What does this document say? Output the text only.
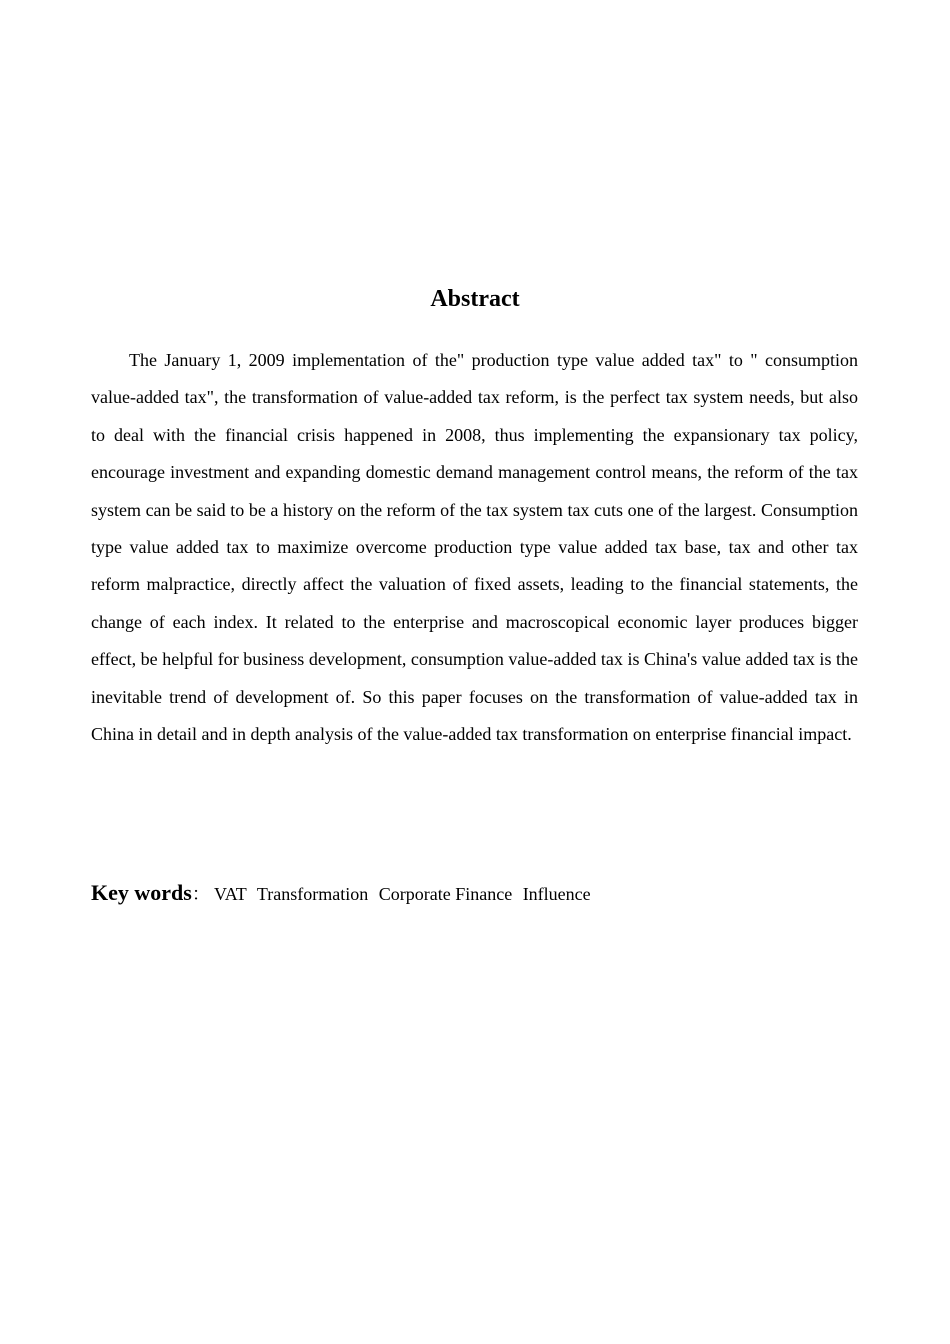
Abstract

The January 1, 2009 implementation of the" production type value added tax" to " consumption value-added tax", the transformation of value-added tax reform, is the perfect tax system needs, but also to deal with the financial crisis happened in 2008, thus implementing the expansionary tax policy, encourage investment and expanding domestic demand management control means, the reform of the tax system can be said to be a history on the reform of the tax system tax cuts one of the largest. Consumption type value added tax to maximize overcome production type value added tax base, tax and other tax reform malpractice, directly affect the valuation of fixed assets, leading to the financial statements, the change of each index. It related to the enterprise and macroscopical economic layer produces bigger effect, be helpful for business development, consumption value-added tax is China's value added tax is the inevitable trend of development of. So this paper focuses on the transformation of value-added tax in China in detail and in depth analysis of the value-added tax transformation on enterprise financial impact.

Key words： VAT Transformation Corporate Finance Influence
